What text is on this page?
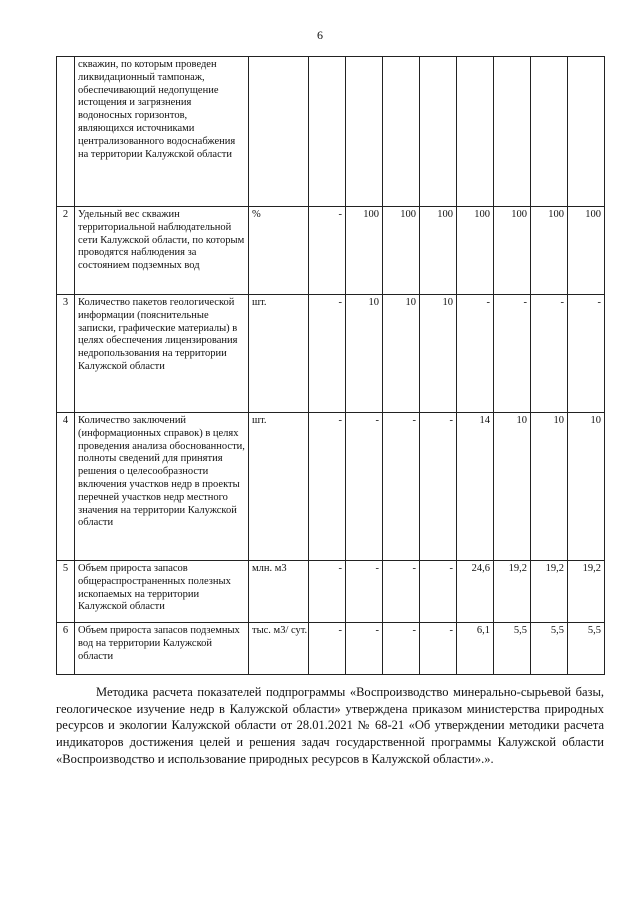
6
	скважин, по которым проведен ликвидационный тампонаж, обеспечивающий недопущение истощения и загрязнения водоносных горизонтов, являющихся источниками централизованного водоснабжения на территории Калужской области									
2	Удельный вес скважин территориальной наблюдательной сети Калужской области, по которым проводятся наблюдения за состоянием подземных вод	%	-	100	100	100	100	100	100	100
3	Количество пакетов геологической информации (пояснительные записки, графические материалы) в целях обеспечения лицензирования недропользования на территории Калужской области	шт.	-	10	10	10	-	-	-	-
4	Количество заключений (информационных справок) в целях проведения анализа обоснованности, полноты сведений для принятия решения о целесообразности включения участков недр в проекты перечней участков недр местного значения на территории Калужской области	шт.	-	-	-	-	14	10	10	10
5	Объем прироста запасов общераспространенных полезных ископаемых на территории Калужской области	млн. м3	-	-	-	-	24,6	19,2	19,2	19,2
6	Объем прироста запасов подземных вод на территории Калужской области	тыс. м3/ сут.	-	-	-	-	6,1	5,5	5,5	5,5
Методика расчета показателей подпрограммы «Воспроизводство минерально-сырьевой базы, геологическое изучение недр в Калужской области» утверждена приказом министерства природных ресурсов и экологии Калужской области от 28.01.2021 № 68-21 «Об утверждении методики расчета индикаторов достижения целей и решения задач государственной программы Калужской области «Воспроизводство и использование природных ресурсов в Калужской области».».
